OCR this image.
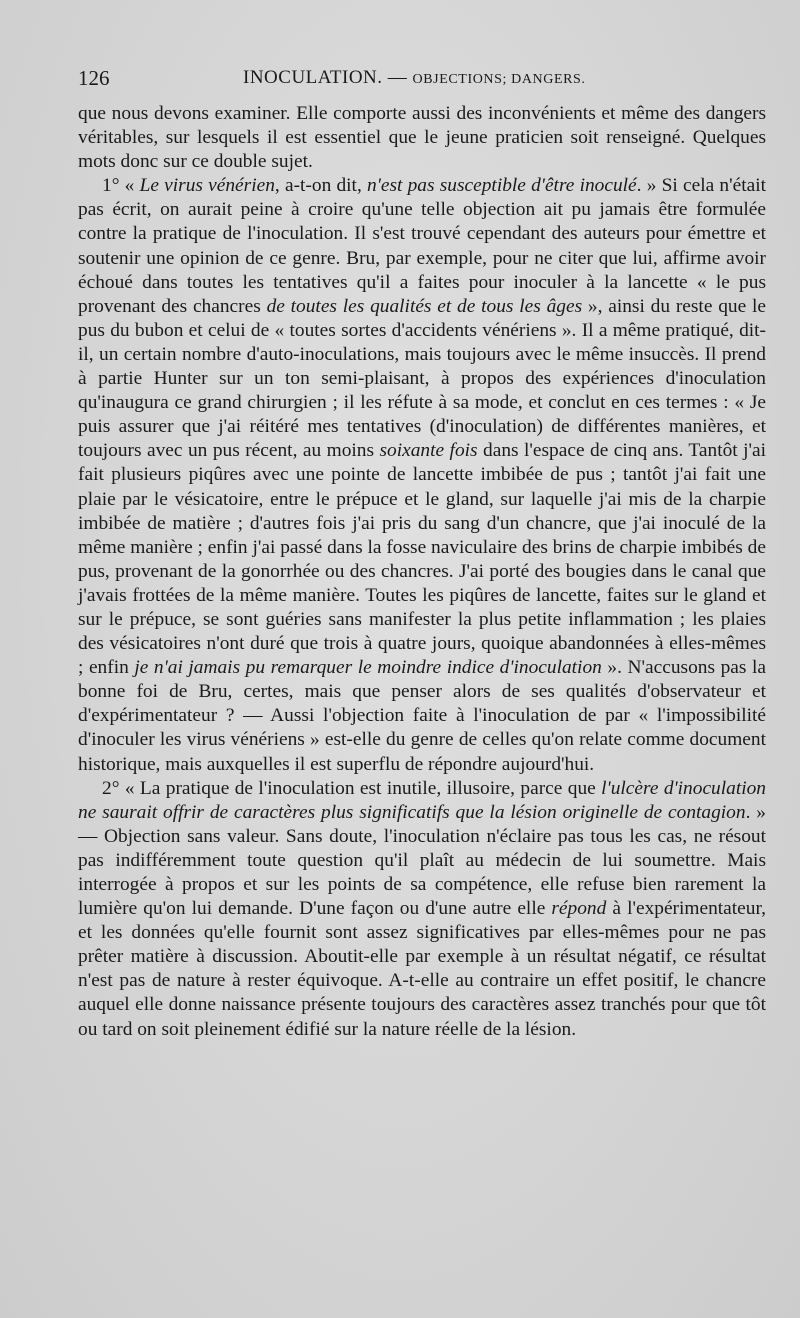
126	INOCULATION. — OBJECTIONS; DANGERS.

que nous devons examiner. Elle comporte aussi des inconvénients et même des dangers véritables, sur lesquels il est essentiel que le jeune praticien soit renseigné. Quelques mots donc sur ce double sujet.

1° « Le virus vénérien, a-t-on dit, n'est pas susceptible d'être inoculé. » Si cela n'était pas écrit, on aurait peine à croire qu'une telle objection ait pu jamais être formulée contre la pratique de l'inoculation. Il s'est trouvé cependant des auteurs pour émettre et soutenir une opinion de ce genre. Bru, par exemple, pour ne citer que lui, affirme avoir échoué dans toutes les tentatives qu'il a faites pour inoculer à la lancette « le pus provenant des chancres de toutes les qualités et de tous les âges », ainsi du reste que le pus du bubon et celui de « toutes sortes d'accidents vénériens ». Il a même pratiqué, dit-il, un certain nombre d'auto-inoculations, mais toujours avec le même insuccès. Il prend à partie Hunter sur un ton semi-plaisant, à propos des expériences d'inoculation qu'inaugura ce grand chirurgien ; il les réfute à sa mode, et conclut en ces termes : « Je puis assurer que j'ai réitéré mes tentatives (d'inoculation) de différentes manières, et toujours avec un pus récent, au moins soixante fois dans l'espace de cinq ans. Tantôt j'ai fait plusieurs piqûres avec une pointe de lancette imbibée de pus ; tantôt j'ai fait une plaie par le vésicatoire, entre le prépuce et le gland, sur laquelle j'ai mis de la charpie imbibée de matière ; d'autres fois j'ai pris du sang d'un chancre, que j'ai inoculé de la même manière ; enfin j'ai passé dans la fosse naviculaire des brins de charpie imbibés de pus, provenant de la gonorrhée ou des chancres. J'ai porté des bougies dans le canal que j'avais frottées de la même manière. Toutes les piqûres de lancette, faites sur le gland et sur le prépuce, se sont guéries sans manifester la plus petite inflammation ; les plaies des vésicatoires n'ont duré que trois à quatre jours, quoique abandonnées à elles-mêmes ; enfin je n'ai jamais pu remarquer le moindre indice d'inoculation ». N'accusons pas la bonne foi de Bru, certes, mais que penser alors de ses qualités d'observateur et d'expérimentateur ? — Aussi l'objection faite à l'inoculation de par « l'impossibilité d'inoculer les virus vénériens » est-elle du genre de celles qu'on relate comme document historique, mais auxquelles il est superflu de répondre aujourd'hui.

2° « La pratique de l'inoculation est inutile, illusoire, parce que l'ulcère d'inoculation ne saurait offrir de caractères plus significatifs que la lésion originelle de contagion. » — Objection sans valeur. Sans doute, l'inoculation n'éclaire pas tous les cas, ne résout pas indifféremment toute question qu'il plaît au médecin de lui soumettre. Mais interrogée à propos et sur les points de sa compétence, elle refuse bien rarement la lumière qu'on lui demande. D'une façon ou d'une autre elle répond à l'expérimentateur, et les données qu'elle fournit sont assez significatives par elles-mêmes pour ne pas prêter matière à discussion. Aboutit-elle par exemple à un résultat négatif, ce résultat n'est pas de nature à rester équivoque. A-t-elle au contraire un effet positif, le chancre auquel elle donne naissance présente toujours des caractères assez tranchés pour que tôt ou tard on soit pleinement édifié sur la nature réelle de la lésion.
